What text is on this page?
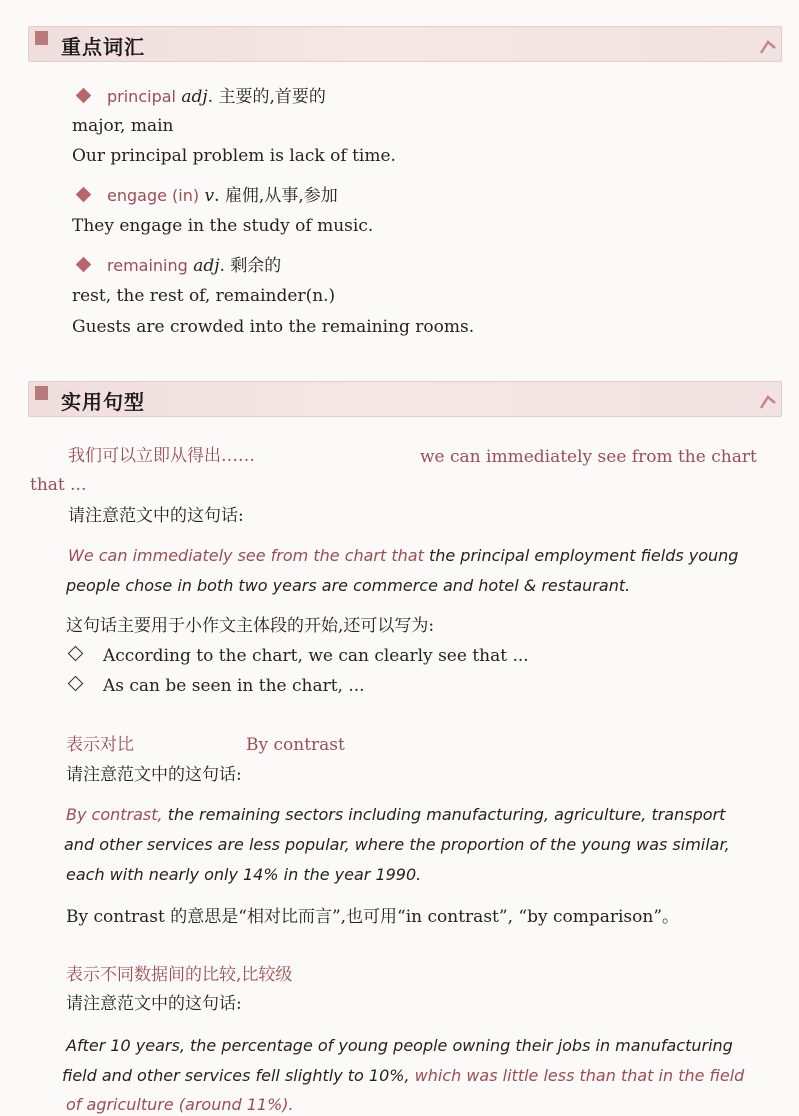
重点词汇
principal adj. 主要的,首要的
major, main
Our principal problem is lack of time.
engage (in) v. 雇佣,从事,参加
They engage in the study of music.
remaining adj. 剩余的
rest, the rest of, remainder(n.)
Guests are crowded into the remaining rooms.
实用句型
我们可以立即从得出……	we can immediately see from the chart
that ...
请注意范文中的这句话:
We can immediately see from the chart that the principal employment fields young
people chose in both two years are commerce and hotel & restaurant.
这句话主要用于小作文主体段的开始,还可以写为:
According to the chart, we can clearly see that ...
As can be seen in the chart, ...
表示对比	By contrast
请注意范文中的这句话:
By contrast, the remaining sectors including manufacturing, agriculture, transport
and other services are less popular, where the proportion of the young was similar,
each with nearly only 14% in the year 1990.
By contrast 的意思是“相对比而言”,也可用“in contrast”, “by comparison”。
表示不同数据间的比较,比较级
请注意范文中的这句话:
After 10 years, the percentage of young people owning their jobs in manufacturing
field and other services fell slightly to 10%, which was little less than that in the field
of agriculture (around 11%).
